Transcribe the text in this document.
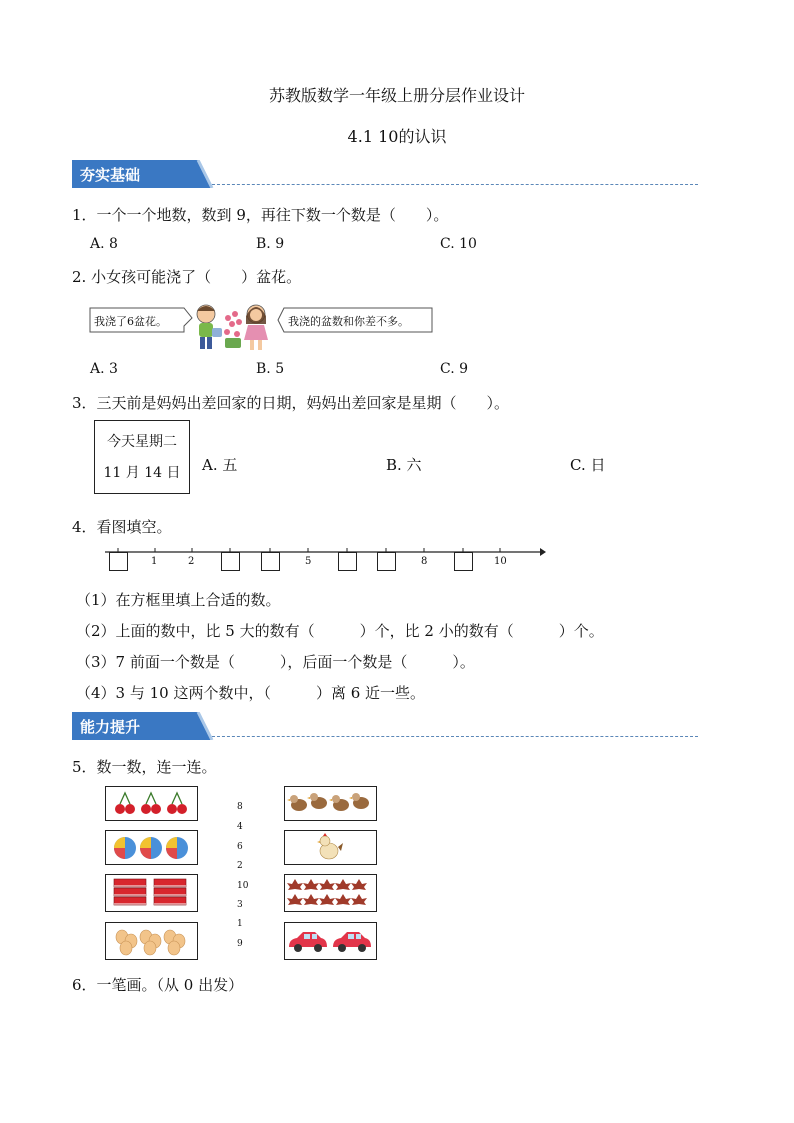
苏教版数学一年级上册分层作业设计
4.1 10的认识
夯实基础
1．一个一个地数，数到 9，再往下数一个数是（　　）。
A. 8	B. 9	C. 10
2. 小女孩可能浇了（　　）盆花。
我浇了6盆花。	我浇的盆数和你差不多。
A. 3	B. 5	C. 9
3．三天前是妈妈出差回家的日期，妈妈出差回家是星期（　　）。
今天星期二
11 月 14 日	A. 五	B. 六	C. 日
4．看图填空。
1	2	5	8	10
（1）在方框里填上合适的数。
（2）上面的数中，比 5 大的数有（　　　）个，比 2 小的数有（　　　）个。
（3）7 前面一个数是（　　　），后面一个数是（　　　）。
（4）3 与 10 这两个数中，（　　　）离 6 近一些。
能力提升
5．数一数，连一连。
8
4
6
2
10
3
1
9
6．一笔画。（从 0 出发）
